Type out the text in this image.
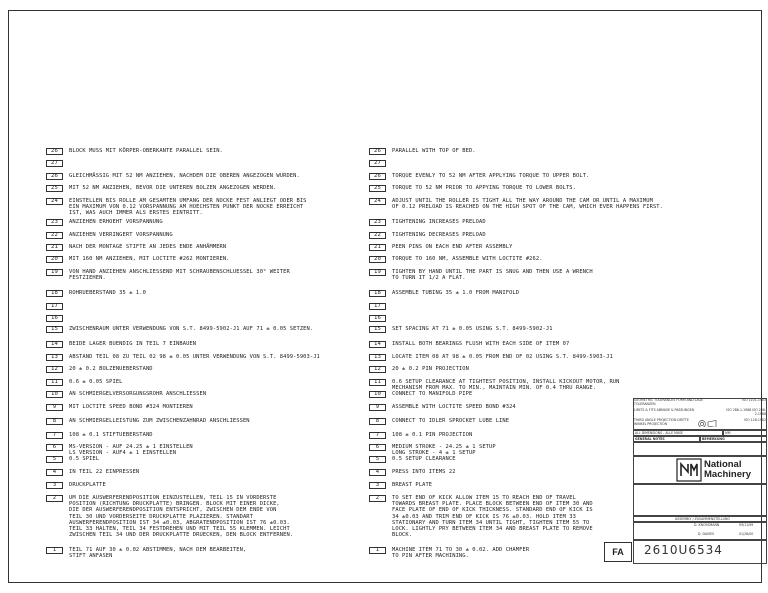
26	BLOCK MUSS MIT KÖRPER-OBERKANTE PARALLEL SEIN.
27
26	GLEICHMÄSSIG MIT 52 NM ANZIEHEN, NACHDEM DIE OBEREN ANGEZOGEN WURDEN.
25	MIT 52 NM ANZIEHEN, BEVOR DIE UNTEREN BOLZEN ANGEZOGEN WERDEN.
24	EINSTELLEN BIS ROLLE AM GESAMTEN UMFANG DER NOCKE FEST ANLIEGT ODER BIS
EIN MAXIMUM VON 0.12 VORSPANNUNG AM HOECHSTEN PUNKT DER NOCKE ERREICHT
IST, WAS AUCH IMMER ALS ERSTES EINTRITT.
23	ANZIEHEN ERHOEHT VORSPANNUNG
22	ANZIEHEN VERRINGERT VORSPANNUNG
21	NACH DER MONTAGE STIFTE AN JEDES ENDE ANHÄMMERN
20	MIT 160 NM ANZIEHEN, MIT LOCTITE #262 MONTIEREN.
19	VON HAND ANZIEHEN ANSCHLIESSEND MIT SCHRAUBENSCHLUESSEL 30° WEITER
FESTZIEHEN.
18	ROHRUEBERSTAND 35 ± 1.0
17
16
15	ZWISCHENRAUM UNTER VERWENDUNG VON S.T. 8499-5902-J1 AUF 71 ± 0.05 SETZEN.
14	BEIDE LAGER BUENDIG IN TEIL 7 EINBAUEN
13	ABSTAND TEIL 08 ZU TEIL 02 98 ± 0.05 UNTER VERWENDUNG VON S.T. 8499-5903-J1
12	20 ± 0.2 BOLZENUEBERSTAND
11	0.6 ± 0.05 SPIEL
10	AN SCHMIERGELVERSORGUNGSROHR ANSCHLIESSEN
9	MIT LOCTITE SPEED BOND #324 MONTIEREN
8	AN SCHMIERGELLEISTUNG ZUM ZWISCHENZAHNRAD ANSCHLIESSEN
7	108 ± 0.1 STIFTUEBERSTAND
6	MS-VERSION - AUF 24.25 ± 1 EINSTELLEN
LS VERSION - AUF4 ± 1 EINSTELLEN
5	0.5 SPIEL
4	IN TEIL 22 EINPRESSEN
3	DRUCKPLATTE
2	UM DIE AUSWERFERENDPOSITION EINZUSTELLEN, TEIL 15 IN VORDERSTE
POSITION (RICHTUNG DRUCKPLATTE) BRINGEN. BLOCK MIT EINER DICKE,
DIE DER AUSWERFERENDPOSITION ENTSPRICHT, ZWISCHEN DEM ENDE VON
TEIL 30 UND VORDERSEITE DRUCKPLATTE PLAZIEREN. STANDART
AUSWERFERENDPOSITION IST 34 ±0.03, ABGRATENDPOSITION IST 76 ±0.03.
TEIL 33 HALTEN, TEIL 34 FESTDREHEN UND MIT TEIL 55 KLEMMEN. LEICHT
ZWISCHEN TEIL 34 UND DER DRUCKPLATTE DRUECKEN, DEN BLOCK ENTFERNEN.
1	TEIL 71 AUF 30 ± 0.02 ABSTIMMEN, NACH DEM BEARBEITEN,
STIFT ANFASEN
26	PARALLEL WITH TOP OF BED.
27
26	TORQUE EVENLY TO 52 NM AFTER APPLYING TORQUE TO UPPER BOLT.
25	TORQUE TO 52 NM PRIOR TO APPYING TORQUE TO LOWER BOLTS.
24	ADJUST UNTIL THE ROLLER IS TIGHT ALL THE WAY AROUND THE CAM OR UNTIL A MAXIMUM
OF 0.12 PRELOAD IS REACHED ON THE HIGH SPOT OF THE CAM, WHICH EVER HAPPENS FIRST.
23	TIGHTENING INCREASES PRELOAD
22	TIGHTENING DECREASES PRELOAD
21	PEEN PINS ON EACH END AFTER ASSEMBLY
20	TORQUE TO 160 NM, ASSEMBLE WITH LOCTITE #262.
19	TIGHTEN BY HAND UNTIL THE PART IS SNUG AND THEN USE A WRENCH
TO TURN IT 1/2 A FLAT.
18	ASSEMBLE TUBING 35 ± 1.0 FROM MANIFOLD
17
16
15	SET SPACING AT 71 ± 0.05 USING S.T. 8499-5902-J1
14	INSTALL BOTH BEARINGS FLUSH WITH EACH SIDE OF ITEM 07
13	LOCATE ITEM 08 AT 98 ± 0.05 FROM END OF 02 USING S.T. 8499-5903-J1
12	20 ± 0.2 PIN PROJECTION
11	0.6 SETUP CLEARANCE AT TIGHTEST POSITION, INSTALL KICKOUT MOTOR, RUN
MECHANISM FROM MAX. TO MIN., MAINTAIN MIN. OF 0.4 THRU RANGE.
10	CONNECT TO MANIFOLD PIPE
9	ASSEMBLE WITH LOCTITE SPEED BOND #324
8	CONNECT TO IDLER SPROCKET LUBE LINE
7	108 ± 0.1 PIN PROJECTION
6	MEDIUM STROKE - 24.25 ± 1 SETUP
LONG STROKE - 4 ± 1 SETUP
5	0.5 SETUP CLEARANCE
4	PRESS INTO ITEMS 22
3	BREAST PLATE
2	TO SET END OF KICK ALLOW ITEM 15 TO REACH END OF TRAVEL
TOWARDS BREAST PLATE. PLACE BLOCK BETWEEN END OF ITEM 30 AND
FACE PLATE OF END OF KICK THICKNESS. STANDARD END OF KICK IS
34 ±0.03 AND TRIM END OF KICK IS 76 ±0.03. HOLD ITEM 33
STATIONARY AND TURN ITEM 34 UNTIL TIGHT, TIGHTEN ITEM 55 TO
LOCK. LIGHTLY PRY BETWEEN ITEM 34 AND BREAST PLATE TO REMOVE
BLOCK.
1	MACHINE ITEM 71 TO 30 ± 0.02. ADD CHAMFER
TO PIN AFTER MACHINING.	FA
GEOMETRIC TOLERANCES FORM AND LAGE TOLERANZEN
ISO 1101-1983
LIMITS & FITS ABMASE & PASSUNGEN	ISO 286-1-1988 ISO 286-2-1988
THIRD ANGLE PROJECTION DRITTE WINKEL PROJECTION
ISO 128-1982
ALL DIMENSIONS - ALLE MASE	MM
GENERAL NOTES	BEMERKUNG
ASSEMBLY / ZUSAMMENSTELLUNG
D. KNOSSMANN	09/11/99
D. DAVIES	01/26/00
National
Machinery
2610U6534
